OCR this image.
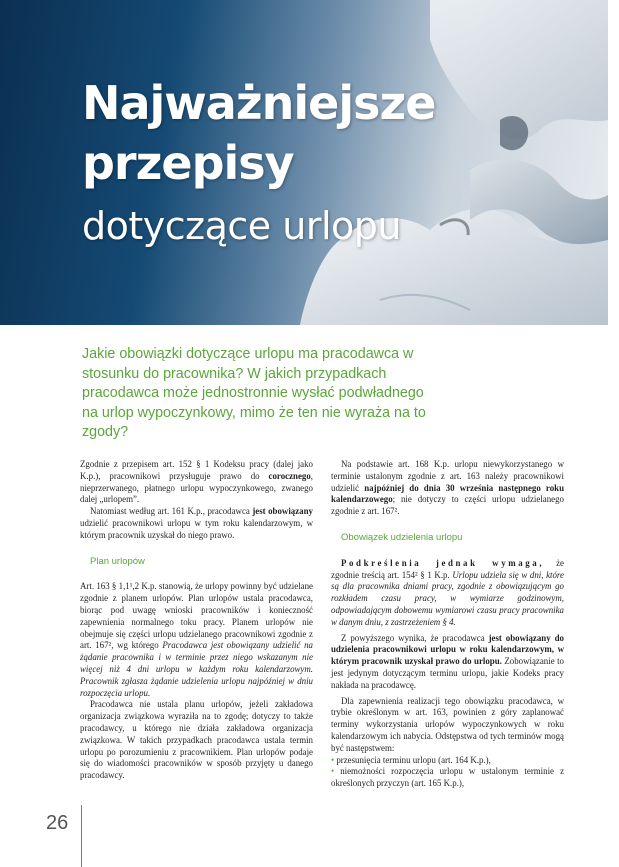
Najważniejsze
przepisy
dotyczące urlopu
Jakie obowiązki dotyczące urlopu ma pracodawca w stosunku do pracownika? W jakich przypadkach pracodawca może jednostronnie wysłać podwładnego na urlop wypoczynkowy, mimo że ten nie wyraża na to zgody?

Zgodnie z przepisem art. 152 § 1 Kodeksu pracy (dalej jako K.p.), pracownikowi przysługuje prawo do corocznego, nieprzerwanego, płatnego urlopu wypoczynkowego, zwanego dalej „urlopem”.

Natomiast według art. 161 K.p., pracodawca jest obowiązany udzielić pracownikowi urlopu w tym roku kalendarzowym, w którym pracownik uzyskał do niego prawo.

Plan urlopów

Art. 163 § 1,1¹,2 K.p. stanowią, że urlopy powinny być udzielane zgodnie z planem urlopów. Plan urlopów ustala pracodawca, biorąc pod uwagę wnioski pracowników i konieczność zapewnienia normalnego toku pracy. Planem urlopów nie obejmuje się części urlopu udzielanego pracownikowi zgodnie z art. 167², wg którego Pracodawca jest obowiązany udzielić na żądanie pracownika i w terminie przez niego wskazanym nie więcej niż 4 dni urlopu w każdym roku kalendarzowym. Pracownik zgłasza żądanie udzielenia urlopu najpóźniej w dniu rozpoczęcia urlopu.

Pracodawca nie ustala planu urlopów, jeżeli zakładowa organizacja związkowa wyraziła na to zgodę; dotyczy to także pracodawcy, u którego nie działa zakładowa organizacja związkowa. W takich przypadkach pracodawca ustala termin urlopu po porozumieniu z pracownikiem. Plan urlopów podaje się do wiadomości pracowników w sposób przyjęty u danego pracodawcy.

Na podstawie art. 168 K.p. urlopu niewykorzystanego w terminie ustalonym zgodnie z art. 163 należy pracownikowi udzielić najpóźniej do dnia 30 września następnego roku kalendarzowego; nie dotyczy to części urlopu udzielanego zgodnie z art. 167².

Obowiązek udzielenia urlopu

Podkreślenia jednak wymaga, że zgodnie treścią art. 154² § 1 K.p. Urlopu udziela się w dni, które są dla pracownika dniami pracy, zgodnie z obowiązującym go rozkładem czasu pracy, w wymiarze godzinowym, odpowiadającym dobowemu wymiarowi czasu pracy pracownika w danym dniu, z zastrzeżeniem § 4.

Z powyższego wynika, że pracodawca jest obowiązany do udzielenia pracownikowi urlopu w roku kalendarzowym, w którym pracownik uzyskał prawo do urlopu. Zobowiązanie to jest jedynym dotyczącym terminu urlopu, jakie Kodeks pracy nakłada na pracodawcę.

Dla zapewnienia realizacji tego obowiązku pracodawca, w trybie określonym w art. 163, powinien z góry zaplanować terminy wykorzystania urlopów wypoczynkowych w roku kalendarzowym ich nabycia. Odstępstwa od tych terminów mogą być następstwem:

• przesunięcia terminu urlopu (art. 164 K.p.),
• niemożności rozpoczęcia urlopu w ustalonym terminie z określonych przyczyn (art. 165 K.p.),
26
